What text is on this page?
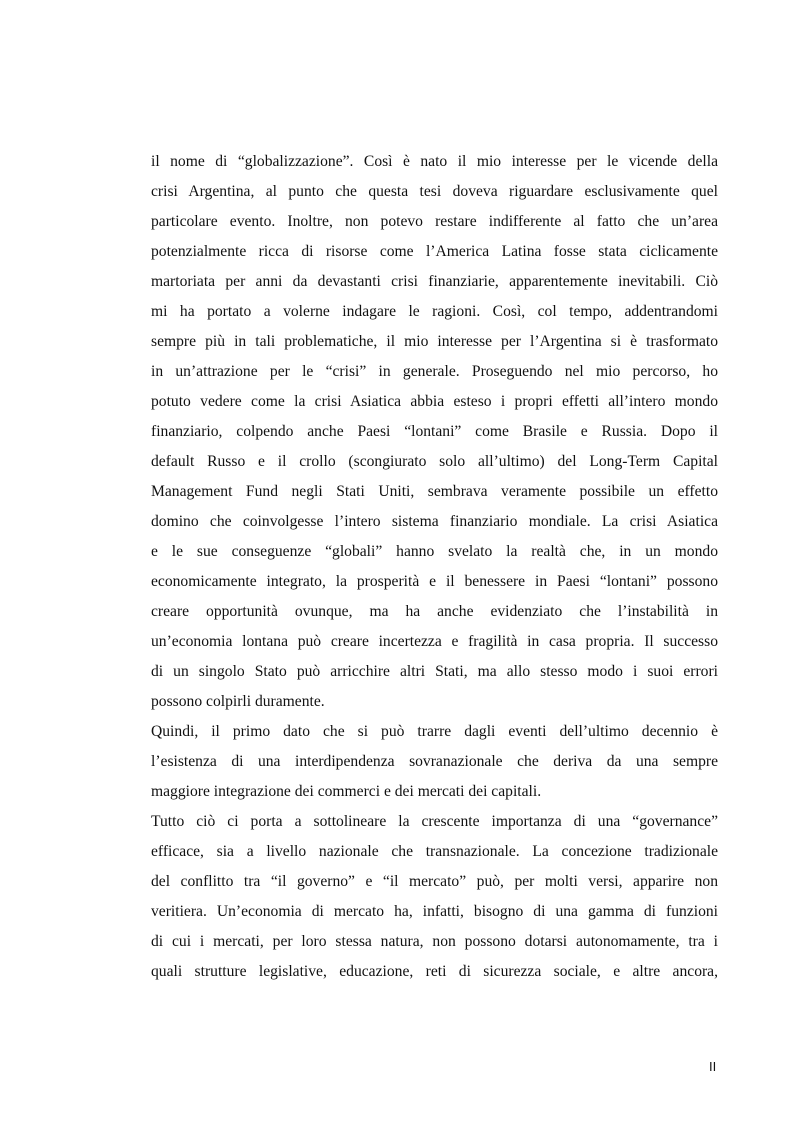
il nome di “globalizzazione”. Così è nato il mio interesse per le vicende della
crisi Argentina, al punto che questa tesi doveva riguardare esclusivamente quel
particolare evento. Inoltre, non potevo restare indifferente al fatto che un’area
potenzialmente ricca di risorse come l’America Latina fosse stata ciclicamente
martoriata per anni da devastanti crisi finanziarie, apparentemente inevitabili. Ciò
mi ha portato a volerne indagare le ragioni. Così, col tempo, addentrandomi
sempre più in tali problematiche, il mio interesse per l’Argentina si è trasformato
in un’attrazione per le “crisi” in generale. Proseguendo nel mio percorso, ho
potuto vedere come la crisi Asiatica abbia esteso i propri effetti all’intero mondo
finanziario, colpendo anche Paesi “lontani” come Brasile e Russia. Dopo il
default Russo e il crollo (scongiurato solo all’ultimo) del Long-Term Capital
Management Fund negli Stati Uniti, sembrava veramente possibile un effetto
domino che coinvolgesse l’intero sistema finanziario mondiale. La crisi Asiatica
e le sue conseguenze “globali” hanno svelato la realtà che, in un mondo
economicamente integrato, la prosperità e il benessere in Paesi “lontani” possono
creare opportunità ovunque, ma ha anche evidenziato che l’instabilità in
un’economia lontana può creare incertezza e fragilità in casa propria. Il successo
di un singolo Stato può arricchire altri Stati, ma allo stesso modo i suoi errori
possono colpirli duramente.
Quindi, il primo dato che si può trarre dagli eventi dell’ultimo decennio è
l’esistenza di una interdipendenza sovranazionale che deriva da una sempre
maggiore integrazione dei commerci e dei mercati dei capitali.
Tutto ciò ci porta a sottolineare la crescente importanza di una “governance”
efficace, sia a livello nazionale che transnazionale. La concezione tradizionale
del conflitto tra “il governo” e “il mercato” può, per molti versi, apparire non
veritiera. Un’economia di mercato ha, infatti, bisogno di una gamma di funzioni
di cui i mercati, per loro stessa natura, non possono dotarsi autonomamente, tra i
quali strutture legislative, educazione, reti di sicurezza sociale, e altre ancora,
II
